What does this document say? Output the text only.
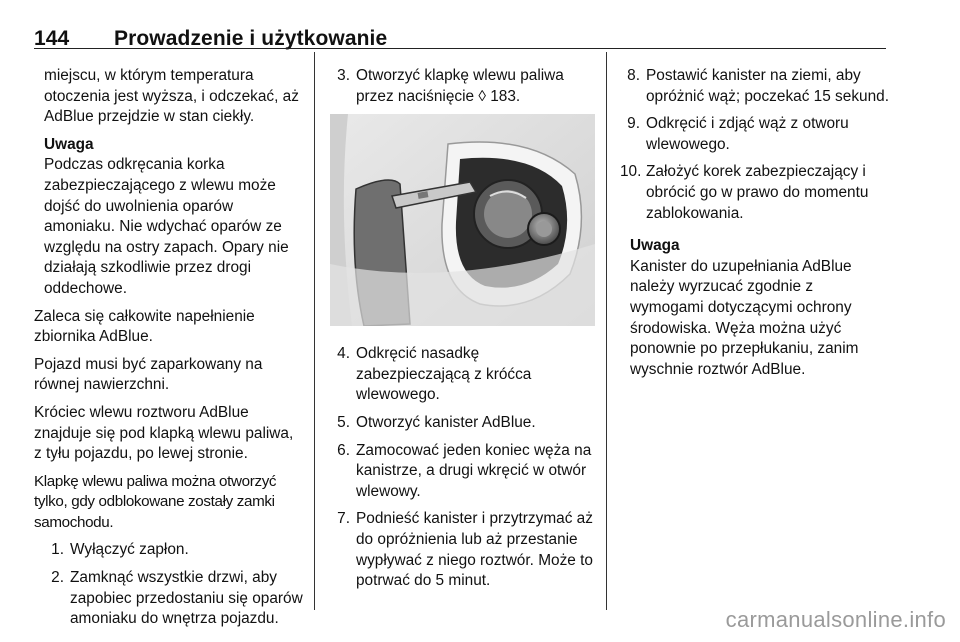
144 Prowadzenie i użytkowanie

miejscu, w którym temperatura otoczenia jest wyższa, i odczekać, aż AdBlue przejdzie w stan ciekły.

Uwaga
Podczas odkręcania korka zabezpieczającego z wlewu może dojść do uwolnienia oparów amoniaku. Nie wdychać oparów ze względu na ostry zapach. Opary nie działają szkodliwie przez drogi oddechowe.

Zaleca się całkowite napełnienie zbiornika AdBlue.

Pojazd musi być zaparkowany na równej nawierzchni.

Króciec wlewu roztworu AdBlue znajduje się pod klapką wlewu paliwa, z tyłu pojazdu, po lewej stronie.

Klapkę wlewu paliwa można otworzyć tylko, gdy odblokowane zostały zamki samochodu.

1. Wyłączyć zapłon.
2. Zamknąć wszystkie drzwi, aby zapobiec przedostaniu się oparów amoniaku do wnętrza pojazdu.
3. Otworzyć klapkę wlewu paliwa przez naciśnięcie ◊ 183.
4. Odkręcić nasadkę zabezpieczającą z króćca wlewowego.
5. Otworzyć kanister AdBlue.
6. Zamocować jeden koniec węża na kanistrze, a drugi wkręcić w otwór wlewowy.
7. Podnieść kanister i przytrzymać aż do opróżnienia lub aż przestanie wypływać z niego roztwór. Może to potrwać do 5 minut.
8. Postawić kanister na ziemi, aby opróżnić wąż; poczekać 15 sekund.
9. Odkręcić i zdjąć wąż z otworu wlewowego.
10. Założyć korek zabezpieczający i obrócić go w prawo do momentu zablokowania.
Uwaga
Kanister do uzupełniania AdBlue należy wyrzucać zgodnie z wymogami dotyczącymi ochrony środowiska. Węża można użyć ponownie po przepłukaniu, zanim wyschnie roztwór AdBlue.
carmanualsonline.info
